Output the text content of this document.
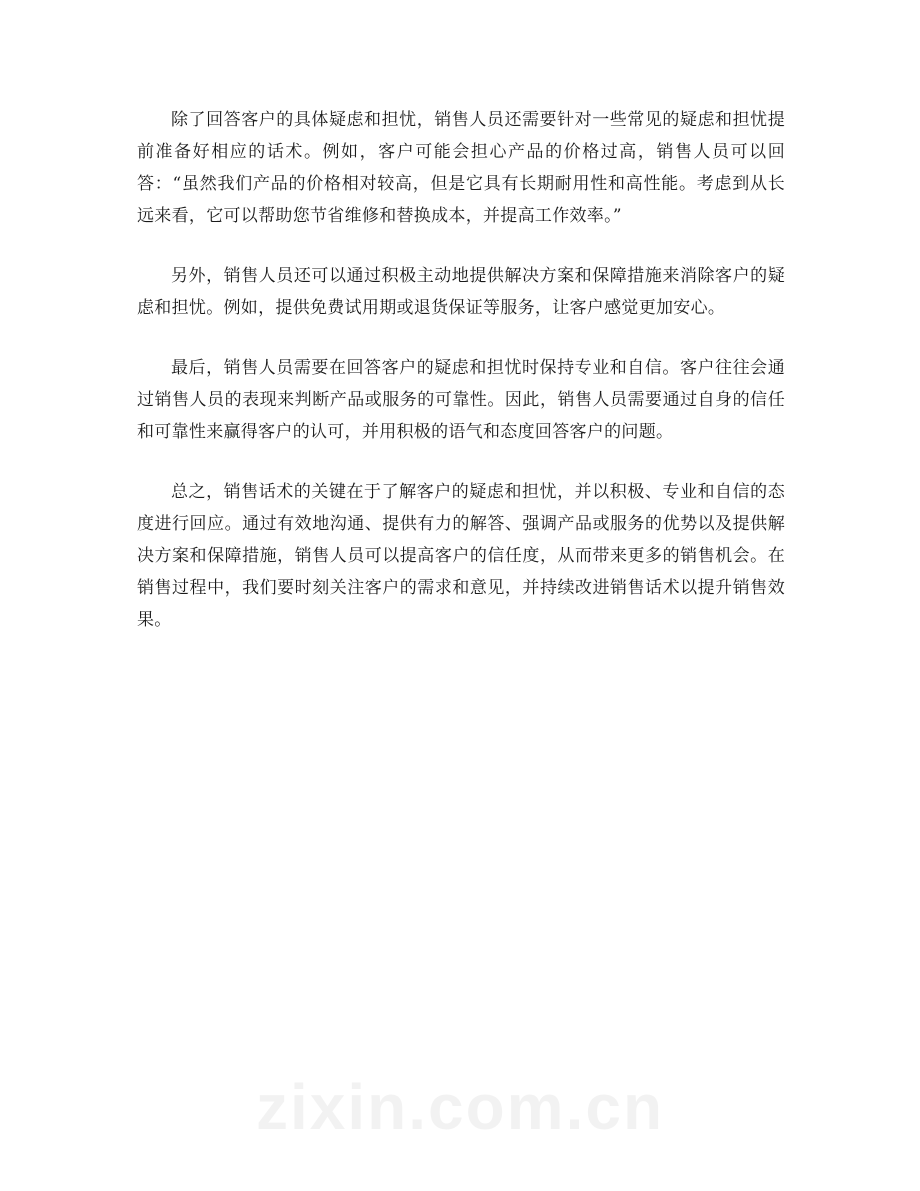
除了回答客户的具体疑虑和担忧，销售人员还需要针对一些常见的疑虑和担忧提前准备好相应的话术。例如，客户可能会担心产品的价格过高，销售人员可以回答：“虽然我们产品的价格相对较高，但是它具有长期耐用性和高性能。考虑到从长远来看，它可以帮助您节省维修和替换成本，并提高工作效率。”

另外，销售人员还可以通过积极主动地提供解决方案和保障措施来消除客户的疑虑和担忧。例如，提供免费试用期或退货保证等服务，让客户感觉更加安心。

最后，销售人员需要在回答客户的疑虑和担忧时保持专业和自信。客户往往会通过销售人员的表现来判断产品或服务的可靠性。因此，销售人员需要通过自身的信任和可靠性来赢得客户的认可，并用积极的语气和态度回答客户的问题。

总之，销售话术的关键在于了解客户的疑虑和担忧，并以积极、专业和自信的态度进行回应。通过有效地沟通、提供有力的解答、强调产品或服务的优势以及提供解决方案和保障措施，销售人员可以提高客户的信任度，从而带来更多的销售机会。在销售过程中，我们要时刻关注客户的需求和意见，并持续改进销售话术以提升销售效果。

zixin.com.cn
